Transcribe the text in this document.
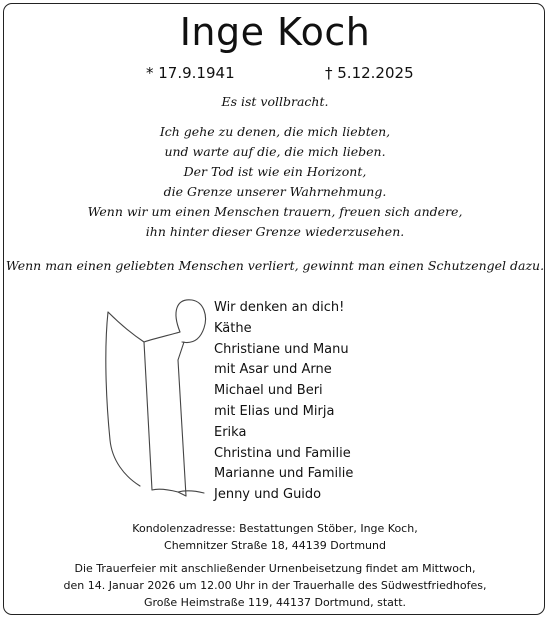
Inge Koch
* 17.9.1941	† 5.12.2025
Es ist vollbracht.
Ich gehe zu denen, die mich liebten,
und warte auf die, die mich lieben.
Der Tod ist wie ein Horizont,
die Grenze unserer Wahrnehmung.
Wenn wir um einen Menschen trauern, freuen sich andere,
ihn hinter dieser Grenze wiederzusehen.
Wenn man einen geliebten Menschen verliert, gewinnt man einen Schutzengel dazu.
Wir denken an dich!
Käthe
Christiane und Manu
mit Asar und Arne
Michael und Beri
mit Elias und Mirja
Erika
Christina und Familie
Marianne und Familie
Jenny und Guido
Kondolenzadresse: Bestattungen Stöber, Inge Koch,
Chemnitzer Straße 18, 44139 Dortmund
Die Trauerfeier mit anschließender Urnenbeisetzung findet am Mittwoch,
den 14. Januar 2026 um 12.00 Uhr in der Trauerhalle des Südwestfriedhofes,
Große Heimstraße 119, 44137 Dortmund, statt.
